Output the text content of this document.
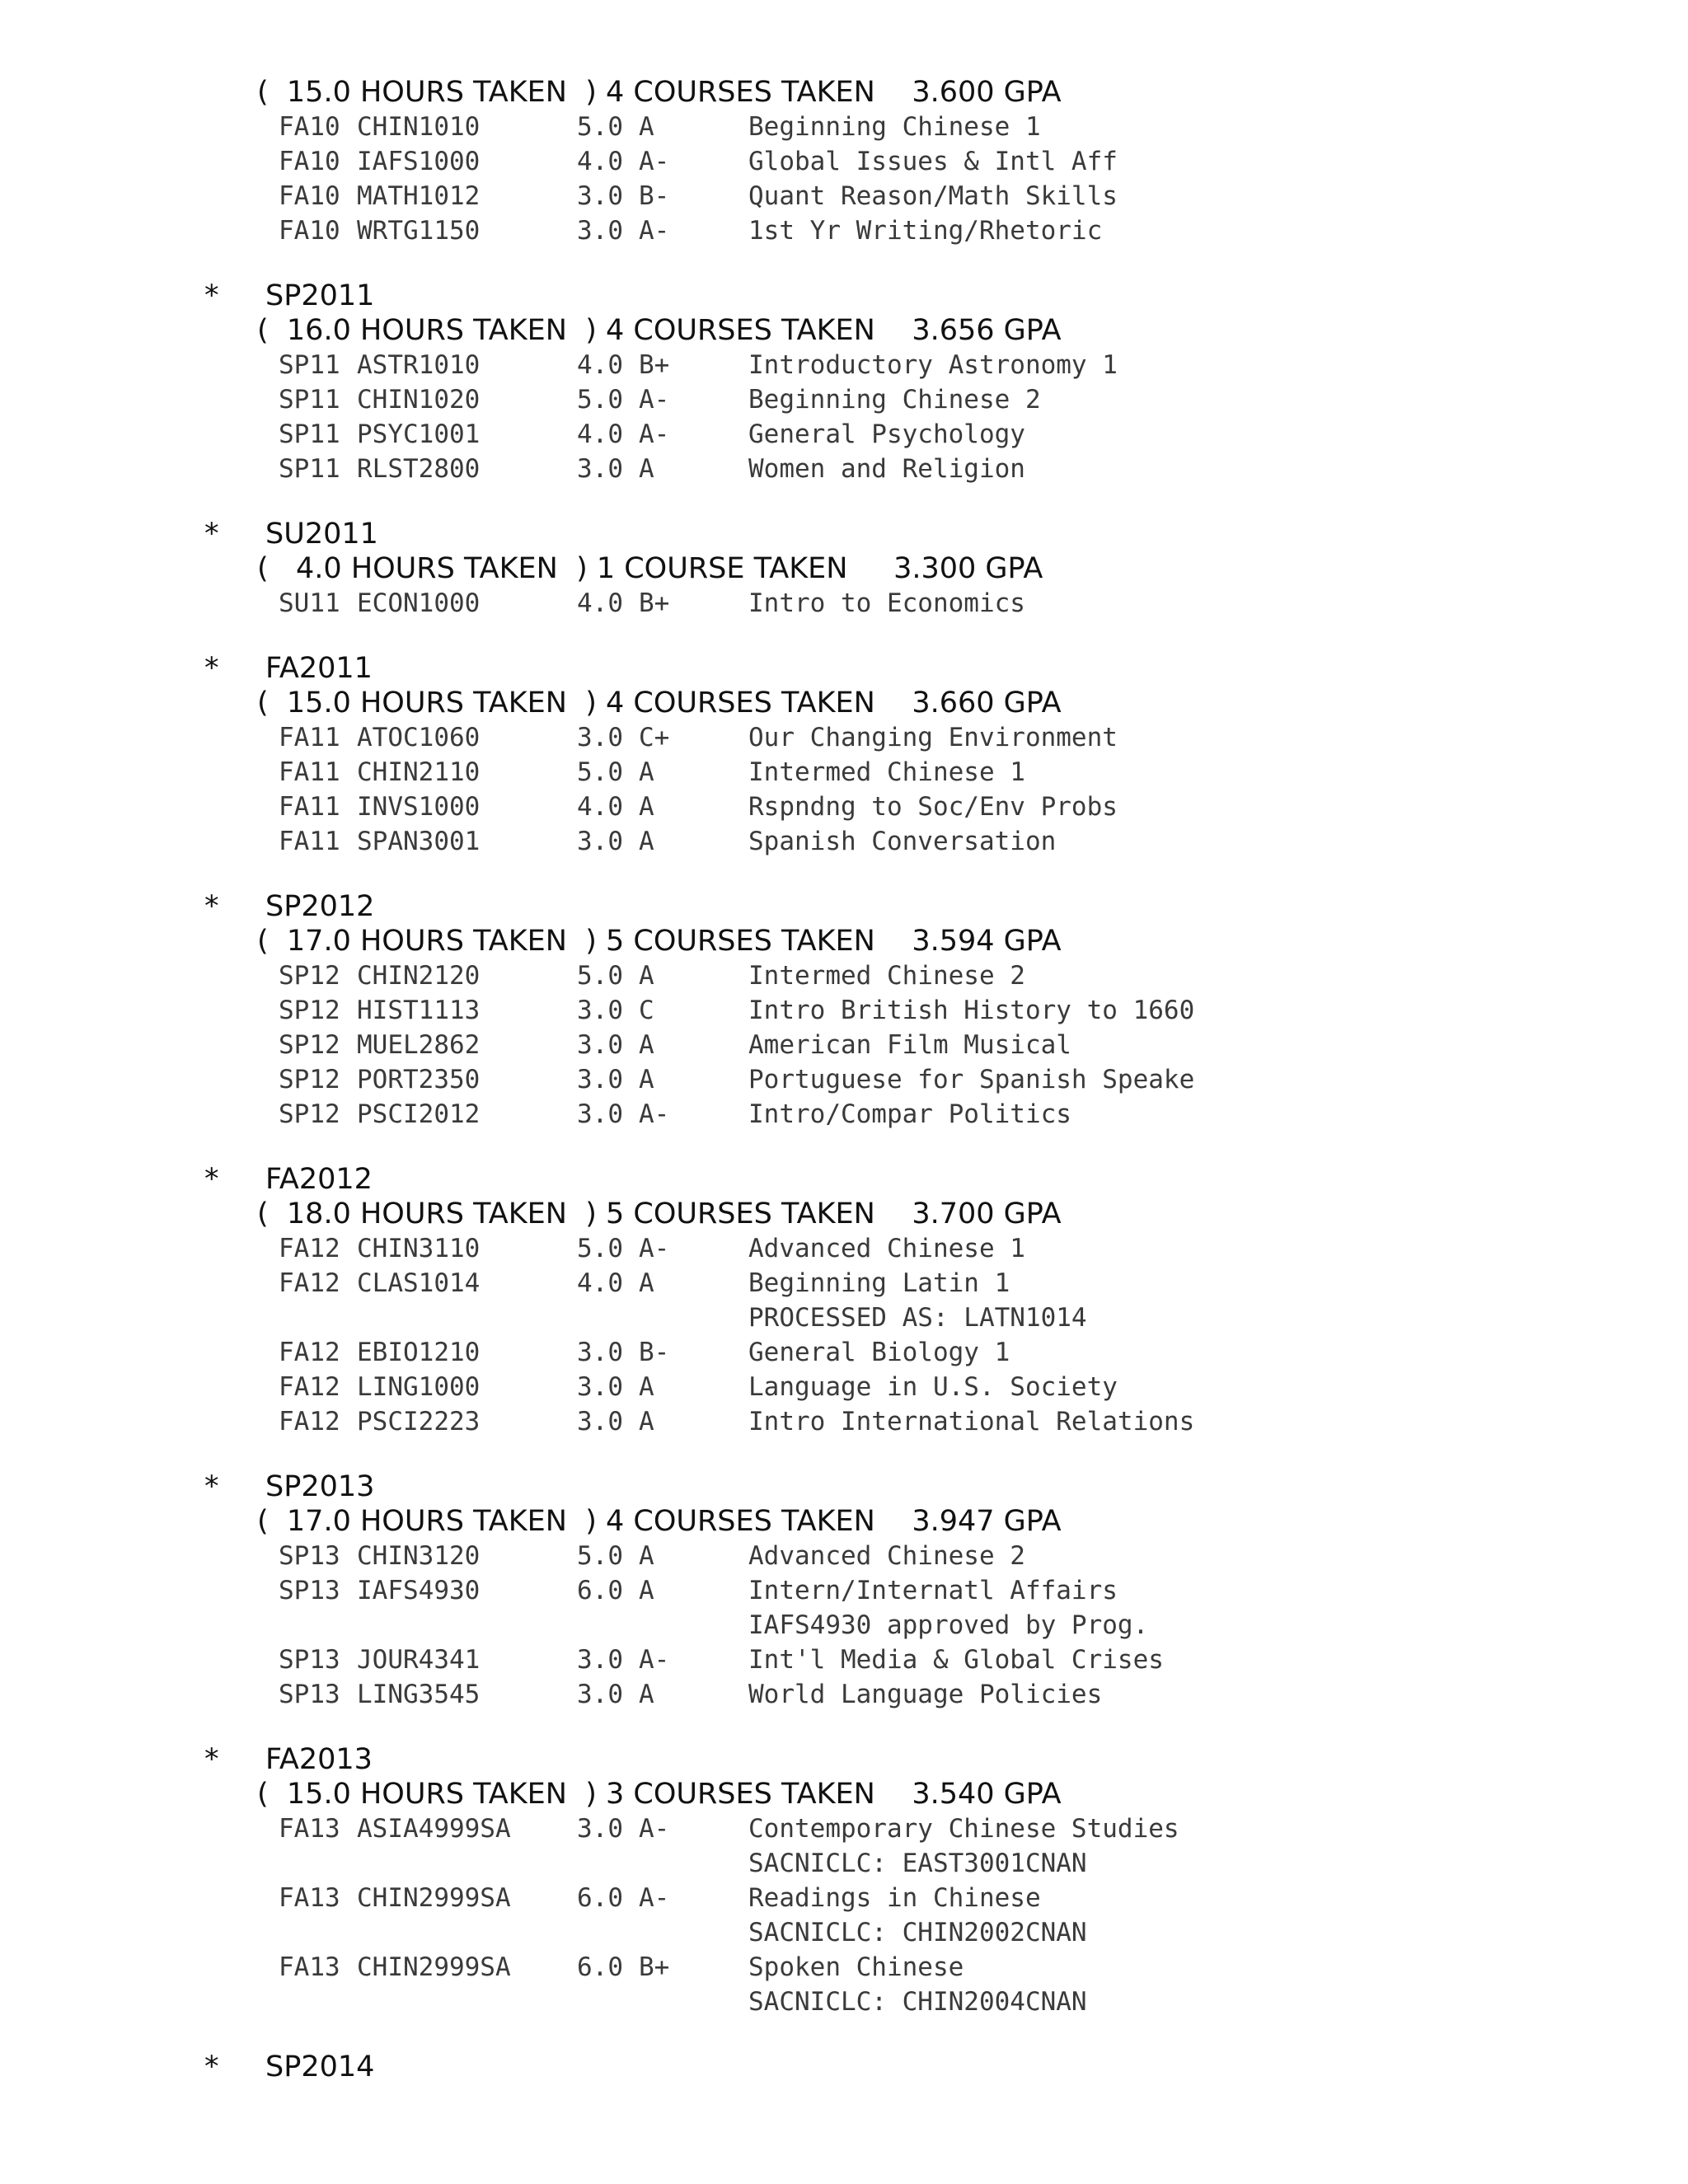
(  15.0 HOURS TAKEN  ) 4 COURSES TAKEN    3.600 GPA
FA10 CHIN1010	5.0 A	Beginning Chinese 1
FA10 IAFS1000	4.0 A-	Global Issues & Intl Aff
FA10 MATH1012	3.0 B-	Quant Reason/Math Skills
FA10 WRTG1150	3.0 A-	1st Yr Writing/Rhetoric
* SP2011
(  16.0 HOURS TAKEN  ) 4 COURSES TAKEN    3.656 GPA
SP11 ASTR1010	4.0 B+	Introductory Astronomy 1
SP11 CHIN1020	5.0 A-	Beginning Chinese 2
SP11 PSYC1001	4.0 A-	General Psychology
SP11 RLST2800	3.0 A	Women and Religion
* SU2011
(   4.0 HOURS TAKEN  ) 1 COURSE TAKEN     3.300 GPA
SU11 ECON1000	4.0 B+	Intro to Economics
* FA2011
(  15.0 HOURS TAKEN  ) 4 COURSES TAKEN    3.660 GPA
FA11 ATOC1060	3.0 C+	Our Changing Environment
FA11 CHIN2110	5.0 A	Intermed Chinese 1
FA11 INVS1000	4.0 A	Rspndng to Soc/Env Probs
FA11 SPAN3001	3.0 A	Spanish Conversation
* SP2012
(  17.0 HOURS TAKEN  ) 5 COURSES TAKEN    3.594 GPA
SP12 CHIN2120	5.0 A	Intermed Chinese 2
SP12 HIST1113	3.0 C	Intro British History to 1660
SP12 MUEL2862	3.0 A	American Film Musical
SP12 PORT2350	3.0 A	Portuguese for Spanish Speake
SP12 PSCI2012	3.0 A-	Intro/Compar Politics
* FA2012
(  18.0 HOURS TAKEN  ) 5 COURSES TAKEN    3.700 GPA
FA12 CHIN3110	5.0 A-	Advanced Chinese 1
FA12 CLAS1014	4.0 A	Beginning Latin 1
PROCESSED AS: LATN1014
FA12 EBIO1210	3.0 B-	General Biology 1
FA12 LING1000	3.0 A	Language in U.S. Society
FA12 PSCI2223	3.0 A	Intro International Relations
* SP2013
(  17.0 HOURS TAKEN  ) 4 COURSES TAKEN    3.947 GPA
SP13 CHIN3120	5.0 A	Advanced Chinese 2
SP13 IAFS4930	6.0 A	Intern/Internatl Affairs
IAFS4930 approved by Prog.
SP13 JOUR4341	3.0 A-	Int'l Media & Global Crises
SP13 LING3545	3.0 A	World Language Policies
* FA2013
(  15.0 HOURS TAKEN  ) 3 COURSES TAKEN    3.540 GPA
FA13 ASIA4999SA	3.0 A-	Contemporary Chinese Studies
SACNICLC: EAST3001CNAN
FA13 CHIN2999SA	6.0 A-	Readings in Chinese
SACNICLC: CHIN2002CNAN
FA13 CHIN2999SA	6.0 B+	Spoken Chinese
SACNICLC: CHIN2004CNAN
* SP2014
